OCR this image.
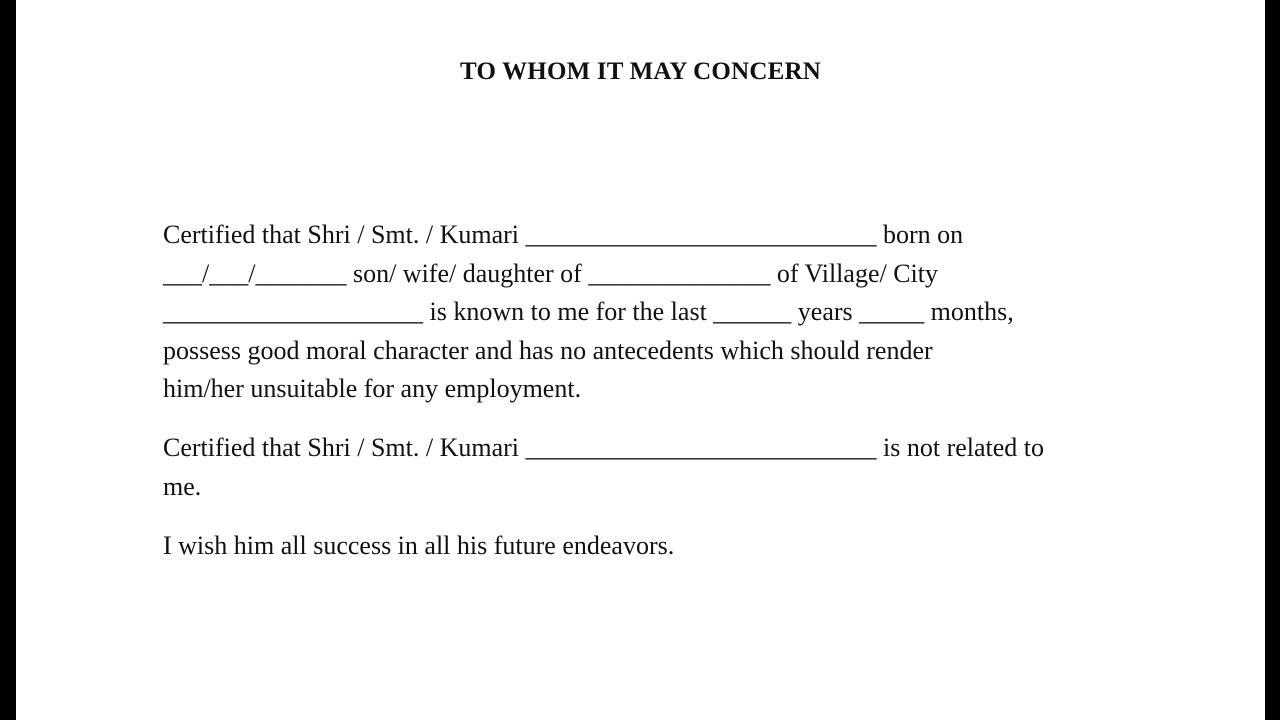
TO WHOM IT MAY CONCERN
Certified that Shri / Smt. / Kumari ___________________________ born on
___/___/_______ son/ wife/ daughter of ______________ of Village/ City
____________________ is known to me for the last ______ years _____ months,
possess good moral character and has no antecedents which should render
him/her unsuitable for any employment.
Certified that Shri / Smt. / Kumari ___________________________ is not related to
me.
I wish him all success in all his future endeavors.
